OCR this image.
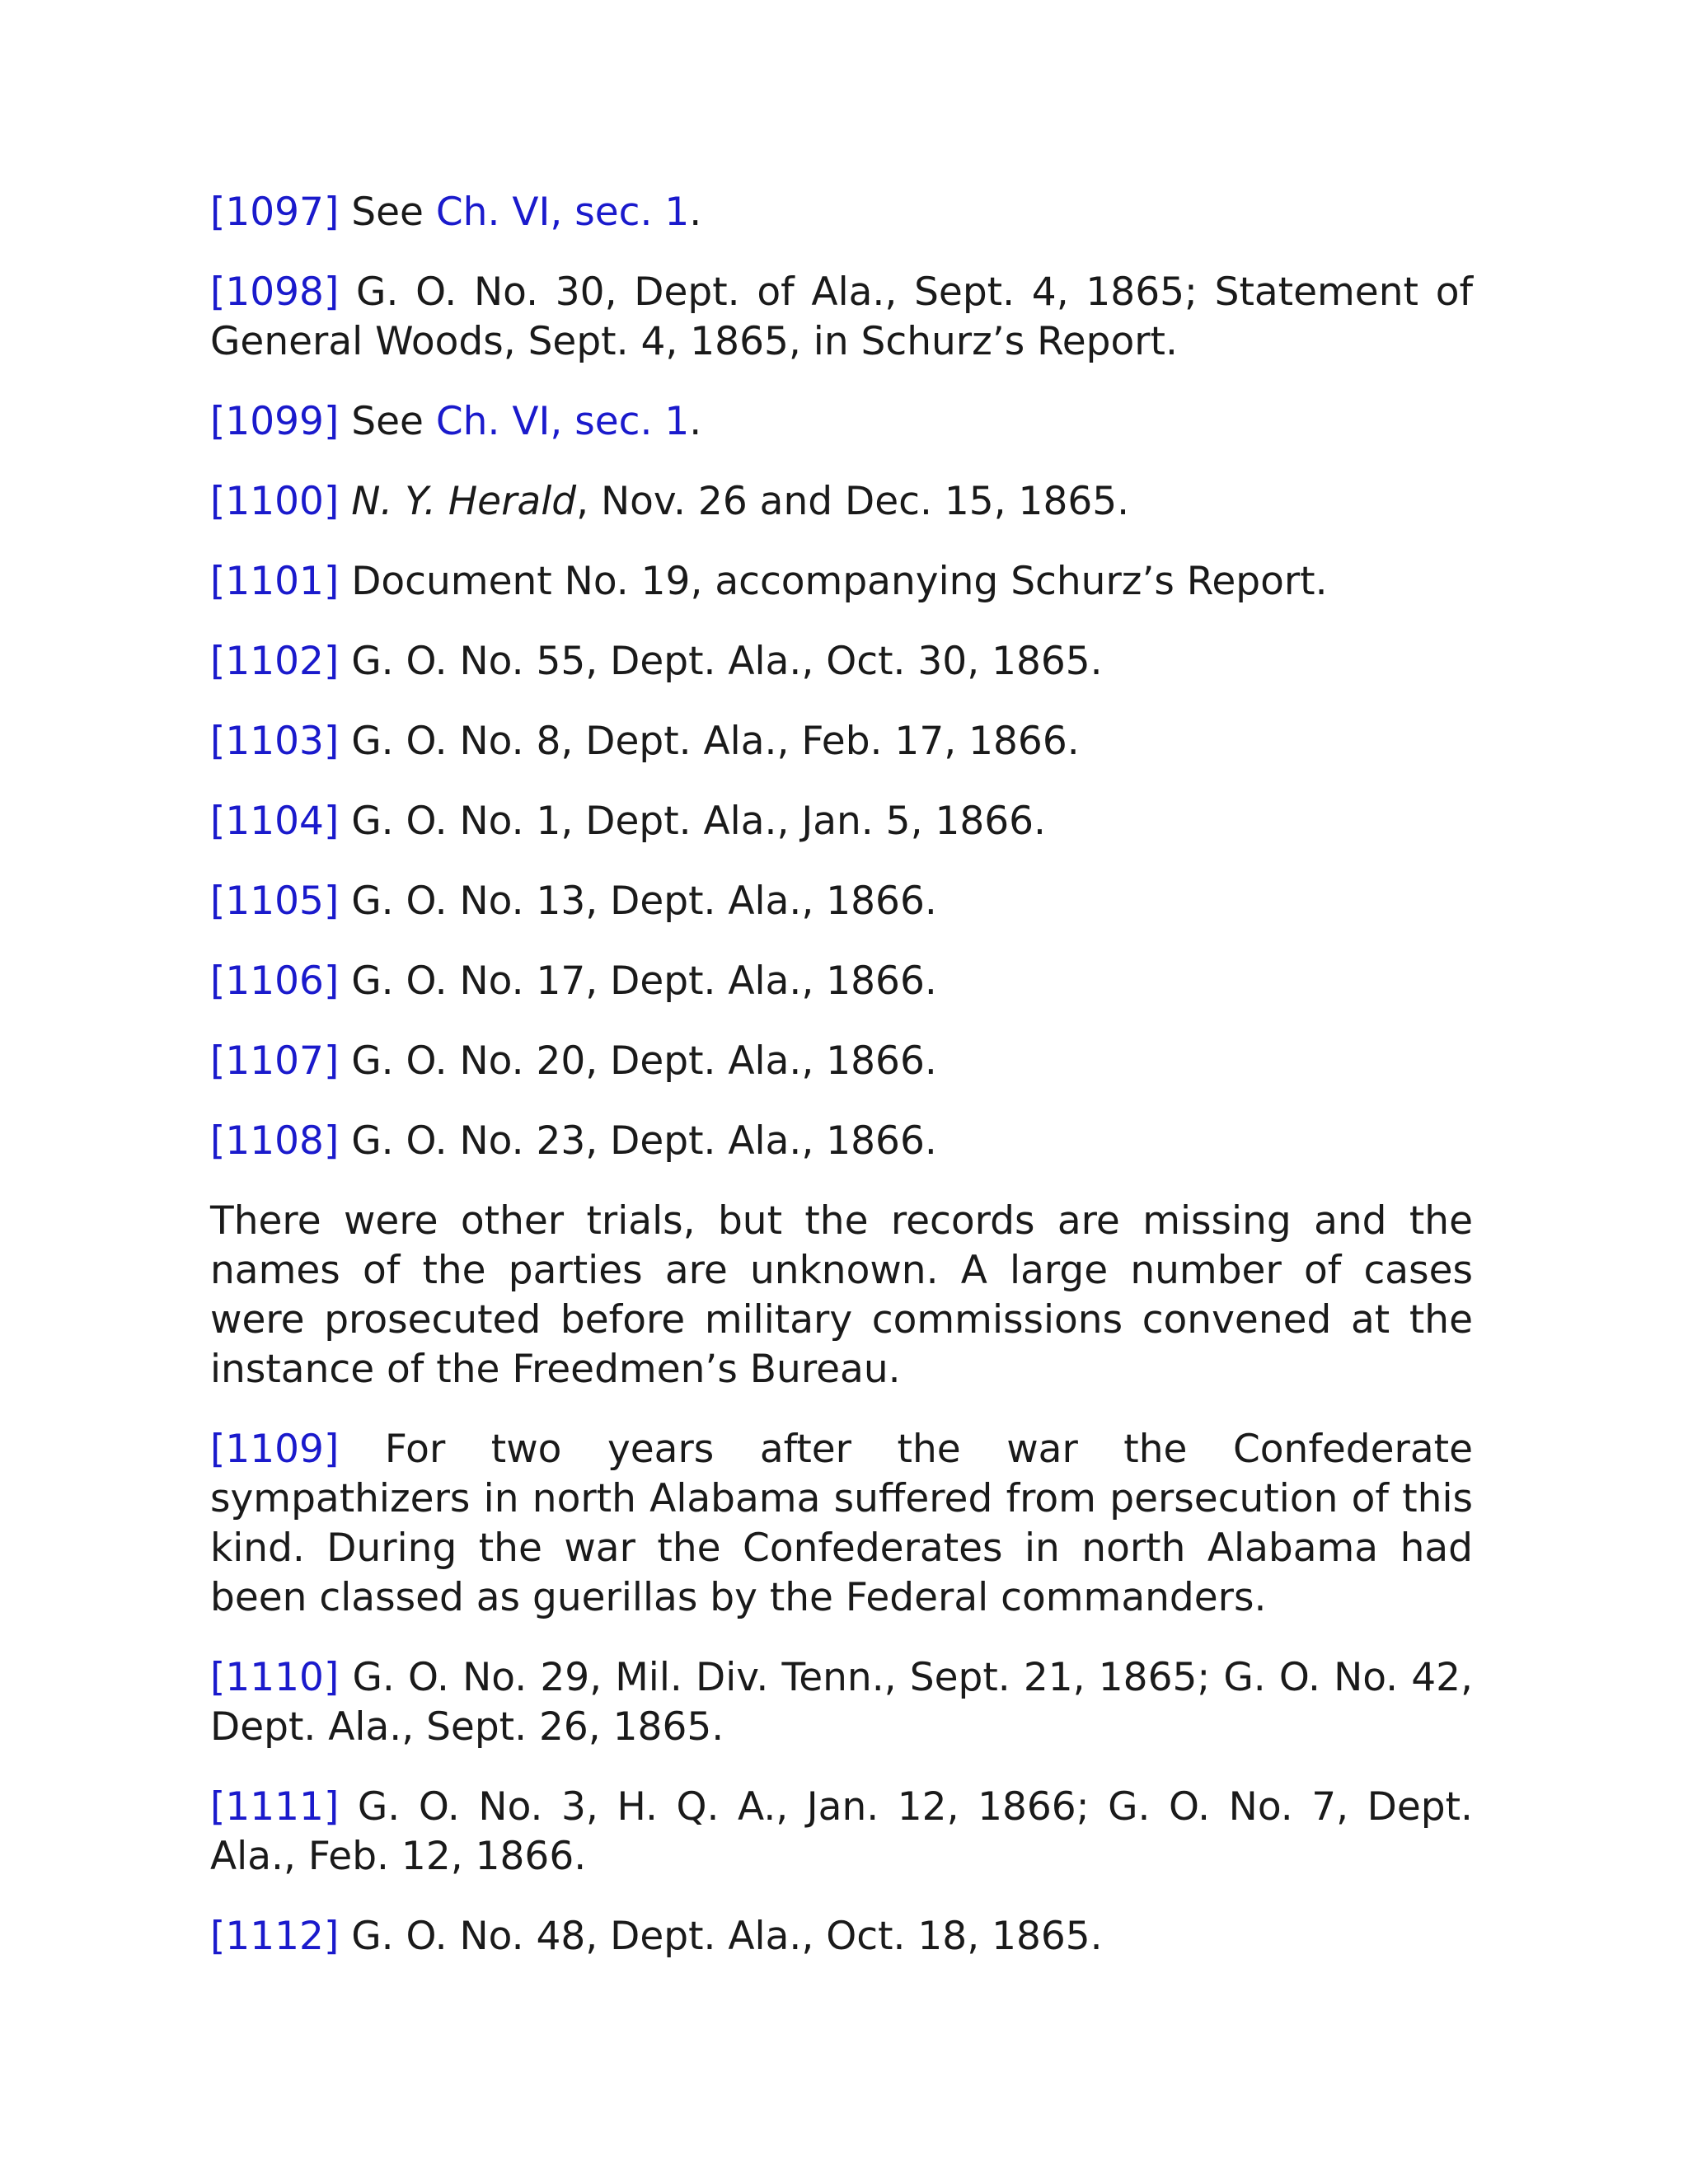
[1097] See Ch. VI, sec. 1.

[1098] G. O. No. 30, Dept. of Ala., Sept. 4, 1865; Statement of General Woods, Sept. 4, 1865, in Schurz’s Report.

[1099] See Ch. VI, sec. 1.

[1100] N. Y. Herald, Nov. 26 and Dec. 15, 1865.

[1101] Document No. 19, accompanying Schurz’s Report.

[1102] G. O. No. 55, Dept. Ala., Oct. 30, 1865.

[1103] G. O. No. 8, Dept. Ala., Feb. 17, 1866.

[1104] G. O. No. 1, Dept. Ala., Jan. 5, 1866.

[1105] G. O. No. 13, Dept. Ala., 1866.

[1106] G. O. No. 17, Dept. Ala., 1866.

[1107] G. O. No. 20, Dept. Ala., 1866.

[1108] G. O. No. 23, Dept. Ala., 1866.

There were other trials, but the records are missing and the names of the parties are unknown. A large number of cases were prosecuted before military commissions convened at the instance of the Freedmen’s Bureau.

[1109] For two years after the war the Confederate sympathizers in north Alabama suffered from persecution of this kind. During the war the Confederates in north Alabama had been classed as guerillas by the Federal commanders.

[1110] G. O. No. 29, Mil. Div. Tenn., Sept. 21, 1865; G. O. No. 42, Dept. Ala., Sept. 26, 1865.

[1111] G. O. No. 3, H. Q. A., Jan. 12, 1866; G. O. No. 7, Dept. Ala., Feb. 12, 1866.

[1112] G. O. No. 48, Dept. Ala., Oct. 18, 1865.
